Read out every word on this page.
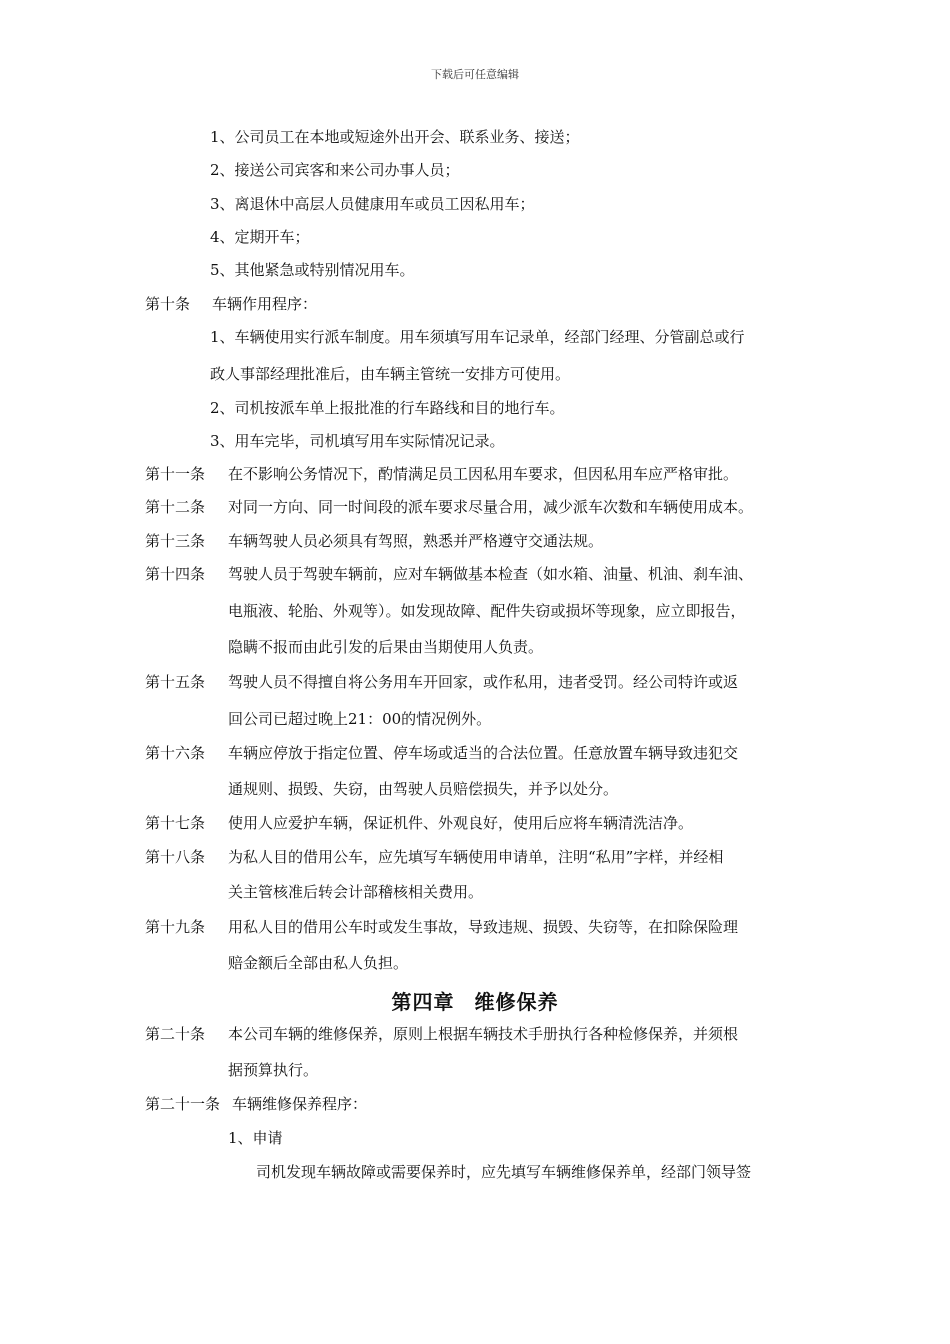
下载后可任意编辑
1、公司员工在本地或短途外出开会、联系业务、接送；
2、接送公司宾客和来公司办事人员；
3、离退休中高层人员健康用车或员工因私用车；
4、定期开车；
5、其他紧急或特别情况用车。
第十条 车辆作用程序：
1、车辆使用实行派车制度。用车须填写用车记录单，经部门经理、分管副总或行
政人事部经理批准后，由车辆主管统一安排方可使用。
2、司机按派车单上报批准的行车路线和目的地行车。
3、用车完毕，司机填写用车实际情况记录。
第十一条 在不影响公务情况下，酌情满足员工因私用车要求，但因私用车应严格审批。
第十二条 对同一方向、同一时间段的派车要求尽量合用，减少派车次数和车辆使用成本。
第十三条 车辆驾驶人员必须具有驾照，熟悉并严格遵守交通法规。
第十四条 驾驶人员于驾驶车辆前，应对车辆做基本检查（如水箱、油量、机油、刹车油、
电瓶液、轮胎、外观等）。如发现故障、配件失窃或损坏等现象，应立即报告，
隐瞒不报而由此引发的后果由当期使用人负责。
第十五条 驾驶人员不得擅自将公务用车开回家，或作私用，违者受罚。经公司特许或返
回公司已超过晚上21：00的情况例外。
第十六条 车辆应停放于指定位置、停车场或适当的合法位置。任意放置车辆导致违犯交
通规则、损毁、失窃，由驾驶人员赔偿损失，并予以处分。
第十七条 使用人应爱护车辆，保证机件、外观良好，使用后应将车辆清洗洁净。
第十八条 为私人目的借用公车，应先填写车辆使用申请单，注明“私用”字样，并经相
关主管核准后转会计部稽核相关费用。
第十九条 用私人目的借用公车时或发生事故，导致违规、损毁、失窃等，在扣除保险理
赔金额后全部由私人负担。
第四章 维修保养
第二十条 本公司车辆的维修保养，原则上根据车辆技术手册执行各种检修保养，并须根
据预算执行。
第二十一条 车辆维修保养程序：
1、申请
司机发现车辆故障或需要保养时，应先填写车辆维修保养单，经部门领导签
